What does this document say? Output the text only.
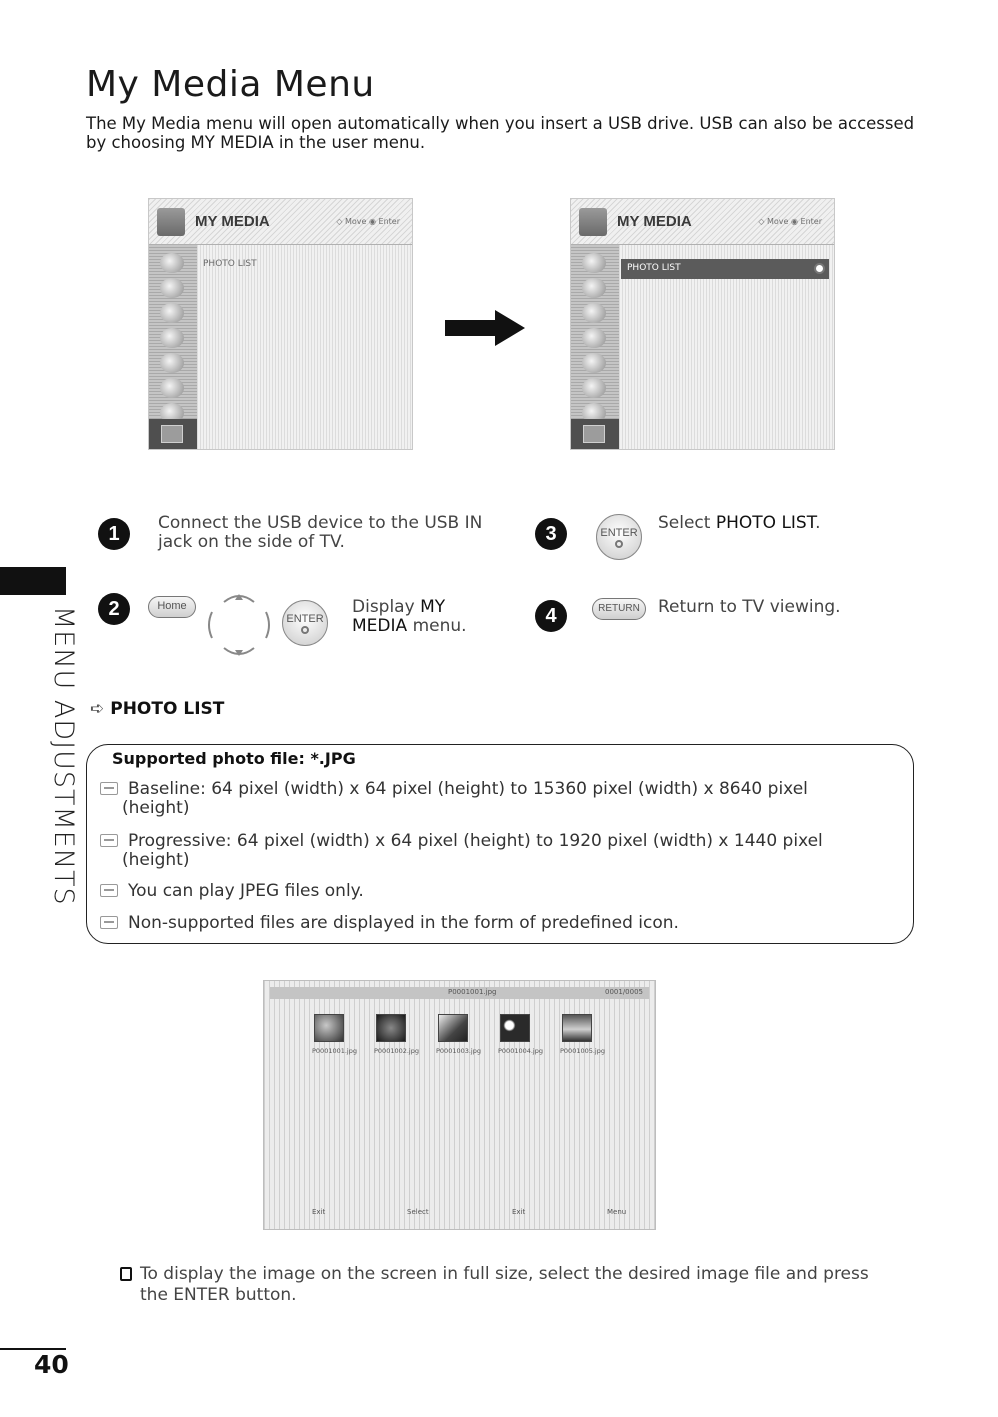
My Media Menu

The My Media menu will open automatically when you insert a USB drive. USB can also be accessed by choosing MY MEDIA in the user menu.

MY MEDIA	◇ Move ◉ Enter
PHOTO LIST
MY MEDIA	◇ Move ◉ Enter
PHOTO LIST
1	Connect the USB device to the USB IN jack on the side of TV.	3	ENTER Select PHOTO LIST.
2	Home
ENTER
Display MY
MEDIA menu.	4	RETURN	Return to TV viewing.
➪ PHOTO LIST
Supported photo file: *.JPG
Baseline: 64 pixel (width) x 64 pixel (height) to 15360 pixel (width) x 8640 pixel
(height)
Progressive: 64 pixel (width) x 64 pixel (height) to 1920 pixel (width) x 1440 pixel
(height)
You can play JPEG files only.
Non-supported files are displayed in the form of predefined icon.
P0001001.jpg	0001/0005
P0001001.jpg	P0001002.jpg	P0001003.jpg	P0001004.jpg	P0001005.jpg
Exit	Select	Exit	Menu
To display the image on the screen in full size, select the desired image file and press the ENTER button.
MENU ADJUSTMENTS
40
